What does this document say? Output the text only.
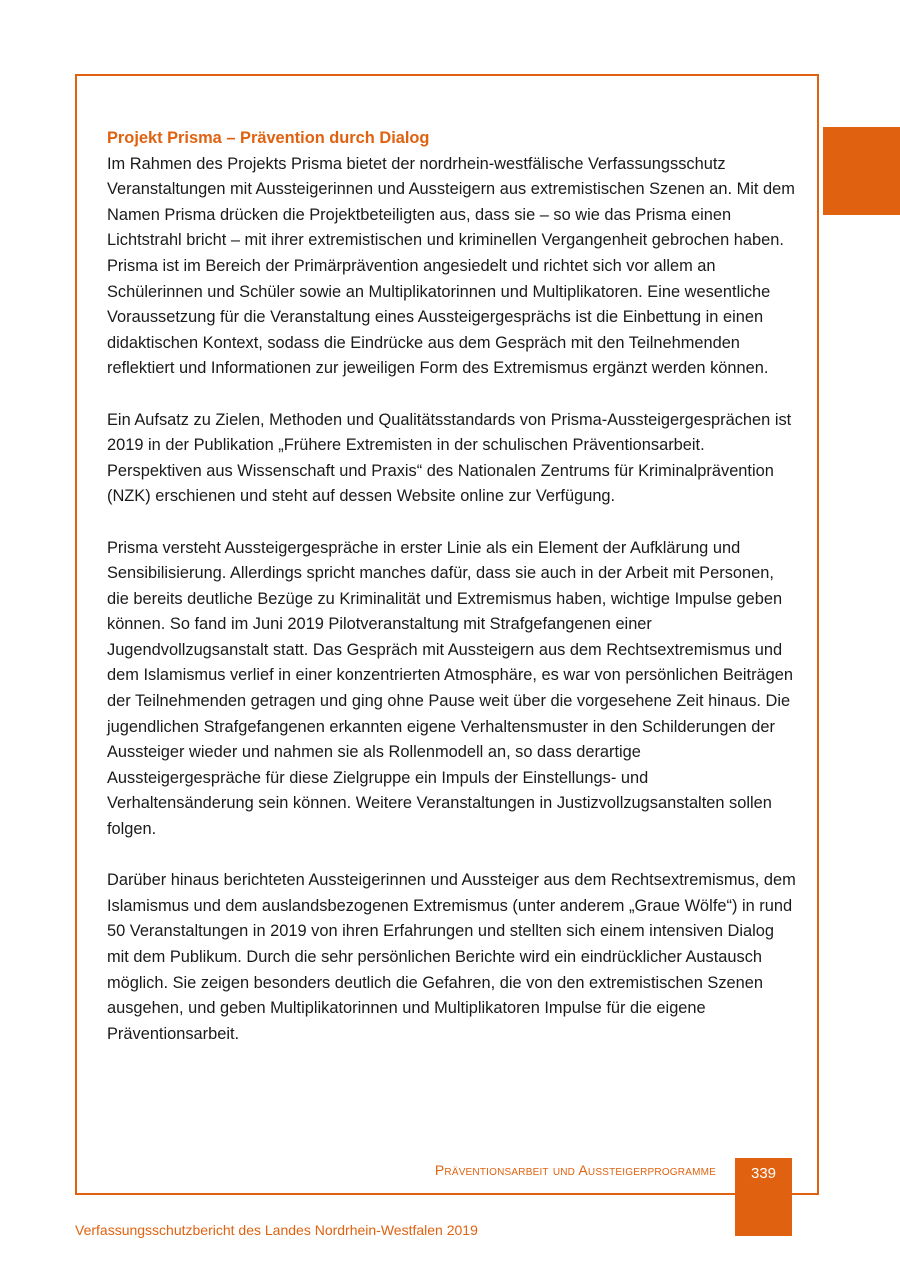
Projekt Prisma – Prävention durch Dialog

Im Rahmen des Projekts Prisma bietet der nordrhein-westfälische Verfassungsschutz Veranstaltungen mit Aussteigerinnen und Aussteigern aus extremistischen Szenen an. Mit dem Namen Prisma drücken die Projektbeteiligten aus, dass sie – so wie das Prisma einen Lichtstrahl bricht – mit ihrer extremistischen und kriminellen Vergangenheit gebrochen haben. Prisma ist im Bereich der Primärprävention angesiedelt und richtet sich vor allem an Schülerinnen und Schüler sowie an Multiplikatorinnen und Multiplikatoren. Eine wesentliche Voraussetzung für die Veranstaltung eines Aussteigergesprächs ist die Einbettung in einen didaktischen Kontext, sodass die Eindrücke aus dem Gespräch mit den Teilnehmenden reflektiert und Informationen zur jeweiligen Form des Extremismus ergänzt werden können.

Ein Aufsatz zu Zielen, Methoden und Qualitätsstandards von Prisma-Aussteigergesprächen ist 2019 in der Publikation „Frühere Extremisten in der schulischen Präventionsarbeit. Perspektiven aus Wissenschaft und Praxis“ des Nationalen Zentrums für Kriminalprävention (NZK) erschienen und steht auf dessen Website online zur Verfügung.

Prisma versteht Aussteigergespräche in erster Linie als ein Element der Aufklärung und Sensibilisierung. Allerdings spricht manches dafür, dass sie auch in der Arbeit mit Personen, die bereits deutliche Bezüge zu Kriminalität und Extremismus haben, wichtige Impulse geben können. So fand im Juni 2019 Pilotveranstaltung mit Strafgefangenen einer Jugendvollzugsanstalt statt. Das Gespräch mit Aussteigern aus dem Rechtsextremismus und dem Islamismus verlief in einer konzentrierten Atmosphäre, es war von persönlichen Beiträgen der Teilnehmenden getragen und ging ohne Pause weit über die vorgesehene Zeit hinaus. Die jugendlichen Strafgefangenen erkannten eigene Verhaltensmuster in den Schilderungen der Aussteiger wieder und nahmen sie als Rollenmodell an, so dass derartige Aussteigergespräche für diese Zielgruppe ein Impuls der Einstellungs- und Verhaltensänderung sein können. Weitere Veranstaltungen in Justizvollzugsanstalten sollen folgen.

Darüber hinaus berichteten Aussteigerinnen und Aussteiger aus dem Rechtsextremismus, dem Islamismus und dem auslandsbezogenen Extremismus (unter anderem „Graue Wölfe“) in rund 50 Veranstaltungen in 2019 von ihren Erfahrungen und stellten sich einem intensiven Dialog mit dem Publikum. Durch die sehr persönlichen Berichte wird ein eindrücklicher Austausch möglich. Sie zeigen besonders deutlich die Gefahren, die von den extremistischen Szenen ausgehen, und geben Multiplikatorinnen und Multiplikatoren Impulse für die eigene Präventionsarbeit.

Präventionsarbeit und Aussteigerprogramme	339
Verfassungsschutzbericht des Landes Nordrhein-Westfalen 2019
